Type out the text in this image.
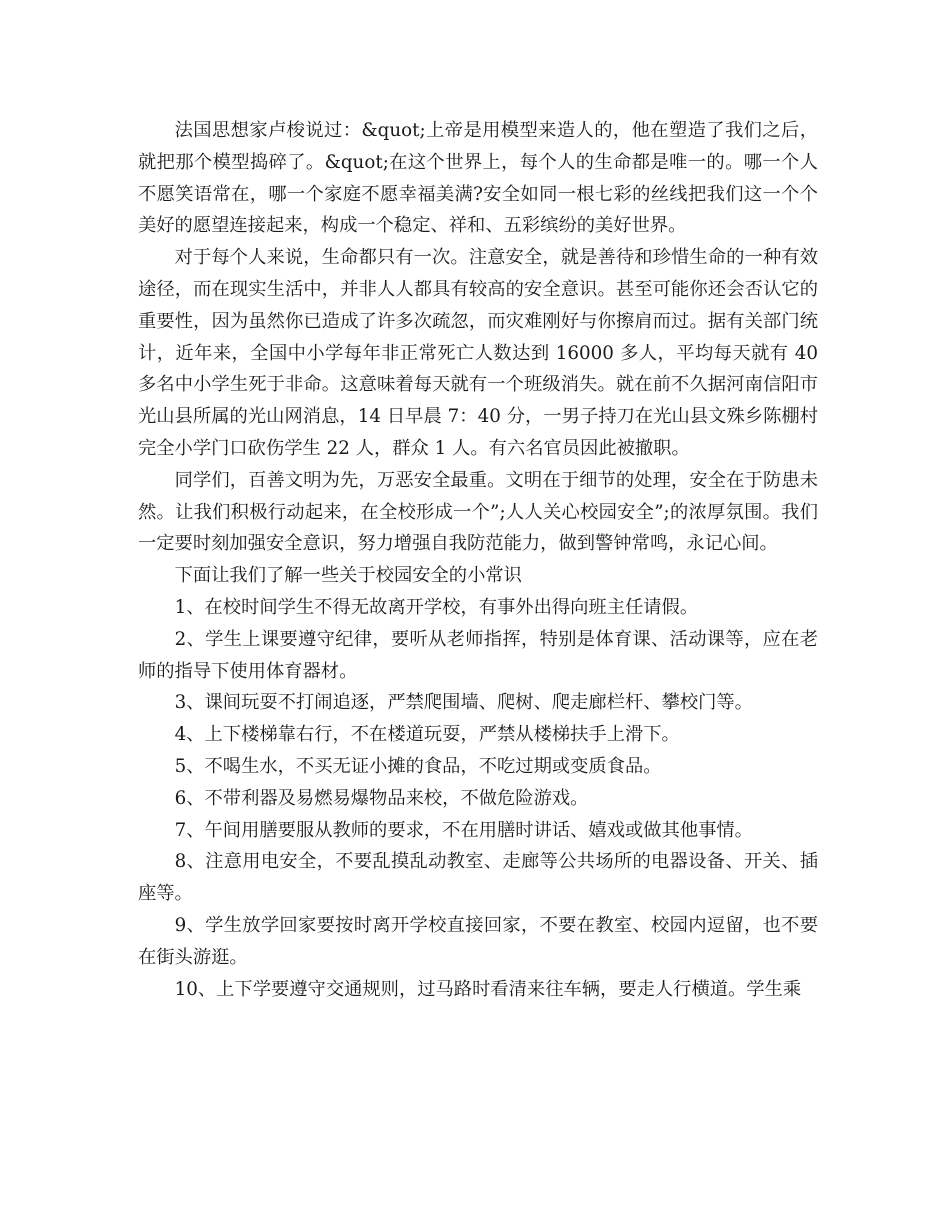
法国思想家卢梭说过：&quot;上帝是用模型来造人的，他在塑造了我们之后，就把那个模型捣碎了。&quot;在这个世界上，每个人的生命都是唯一的。哪一个人不愿笑语常在，哪一个家庭不愿幸福美满?安全如同一根七彩的丝线把我们这一个个美好的愿望连接起来，构成一个稳定、祥和、五彩缤纷的美好世界。

对于每个人来说，生命都只有一次。注意安全，就是善待和珍惜生命的一种有效途径，而在现实生活中，并非人人都具有较高的安全意识。甚至可能你还会否认它的重要性，因为虽然你已造成了许多次疏忽，而灾难刚好与你擦肩而过。据有关部门统计，近年来，全国中小学每年非正常死亡人数达到 16000 多人，平均每天就有 40 多名中小学生死于非命。这意味着每天就有一个班级消失。就在前不久据河南信阳市光山县所属的光山网消息，14 日早晨 7：40 分，一男子持刀在光山县文殊乡陈棚村完全小学门口砍伤学生 22 人，群众 1 人。有六名官员因此被撤职。

同学们，百善文明为先，万恶安全最重。文明在于细节的处理，安全在于防患未然。让我们积极行动起来，在全校形成一个”;人人关心校园安全”;的浓厚氛围。我们一定要时刻加强安全意识，努力增强自我防范能力，做到警钟常鸣，永记心间。

下面让我们了解一些关于校园安全的小常识

1、在校时间学生不得无故离开学校，有事外出得向班主任请假。

2、学生上课要遵守纪律，要听从老师指挥，特别是体育课、活动课等，应在老师的指导下使用体育器材。

3、课间玩耍不打闹追逐，严禁爬围墙、爬树、爬走廊栏杆、攀校门等。

4、上下楼梯靠右行，不在楼道玩耍，严禁从楼梯扶手上滑下。

5、不喝生水，不买无证小摊的食品，不吃过期或变质食品。

6、不带利器及易燃易爆物品来校，不做危险游戏。

7、午间用膳要服从教师的要求，不在用膳时讲话、嬉戏或做其他事情。

8、注意用电安全，不要乱摸乱动教室、走廊等公共场所的电器设备、开关、插座等。

9、学生放学回家要按时离开学校直接回家，不要在教室、校园内逗留，也不要在街头游逛。

10、上下学要遵守交通规则，过马路时看清来往车辆，要走人行横道。学生乘
